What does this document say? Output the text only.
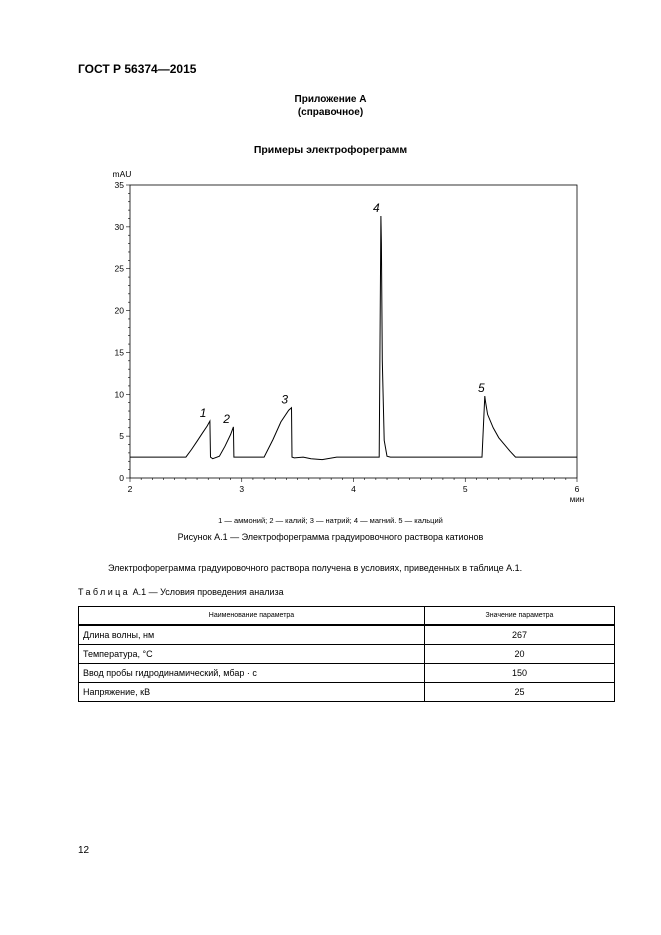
ГОСТ Р 56374—2015
Приложение А
(справочное)
Примеры электрофореграмм
0
5
10
15
20
25
30
35
2	3	4	5	6
mAU
мин
1 2
3
4
5
1 — аммоний; 2 — калий; 3 — натрий; 4 — магний. 5 — кальций
Рисунок А.1 — Электрофореграмма градуировочного раствора катионов
Электрофореграмма градуировочного раствора получена в условиях, приведенных в таблице А.1.
Таблица А.1 — Условия проведения анализа
Наименование параметра	Значение параметра
Длина волны, нм	267
Температура, °С	20
Ввод пробы гидродинамический, мбар · с	150
Напряжение, кВ	25
12
